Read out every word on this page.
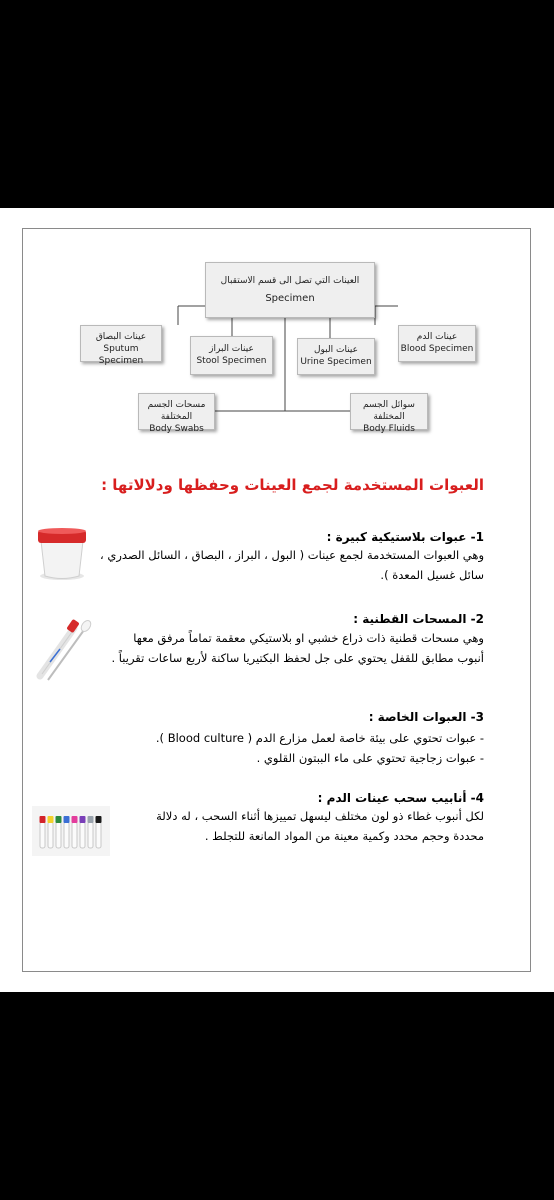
العينات التي تصل الى قسم الاستقبال
Specimen
عينات البصاق
Sputum Specimen
عينات البراز
Stool Specimen
عينات البول
Urine Specimen
عينات الدم
Blood Specimen
مسحات الجسم المختلفة
Body Swabs
سوائل الجسم المختلفة
Body Fluids
العبوات المستخدمة لجمع العينات وحفظها ودلالاتها :
1- عبوات بلاستيكية كبيرة :
وهي العبوات المستخدمة لجمع عينات ( البول ، البراز ، البصاق ، السائل الصدري ، سائل غسيل المعدة ).
2- المسحات القطنية :
وهي مسحات قطنية ذات ذراع خشبي او بلاستيكي معقمة تماماً مرفق معها أنبوب مطابق للقفل يحتوي على جل لحفظ البكتيريا ساكنة لأربع ساعات تقريباً .
3- العبوات الخاصة :
- عبوات تحتوي على بيئة خاصة لعمل مزارع الدم ( Blood culture ).
- عبوات زجاجية تحتوي على ماء الببتون القلوي .
4- أنابيب سحب عينات الدم :
لكل أنبوب غطاء ذو لون مختلف ليسهل تمييزها أثناء السحب ، له دلالة محددة وحجم محدد وكمية معينة من المواد المانعة للتجلط .
